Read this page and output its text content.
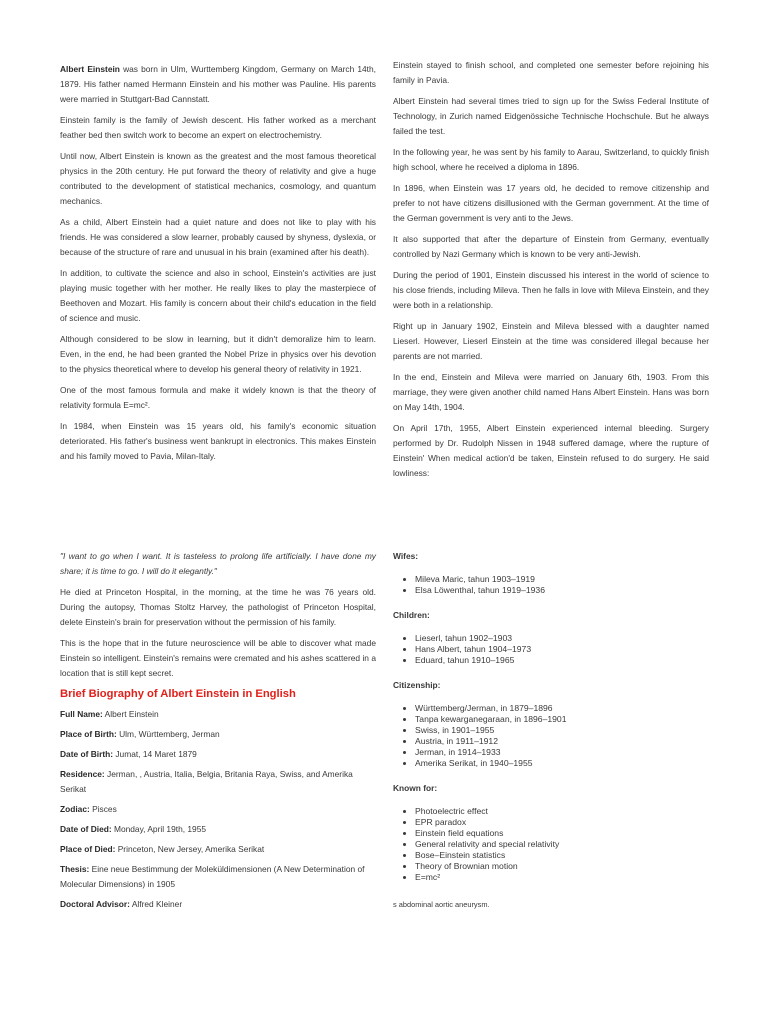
Albert Einstein was born in Ulm, Wurttemberg Kingdom, Germany on March 14th, 1879. His father named Hermann Einstein and his mother was Pauline. His parents were married in Stuttgart-Bad Cannstatt.

Einstein family is the family of Jewish descent. His father worked as a merchant feather bed then switch work to become an expert on electrochemistry.

Until now, Albert Einstein is known as the greatest and the most famous theoretical physics in the 20th century. He put forward the theory of relativity and give a huge contributed to the development of statistical mechanics, cosmology, and quantum mechanics.

As a child, Albert Einstein had a quiet nature and does not like to play with his friends. He was considered a slow learner, probably caused by shyness, dyslexia, or because of the structure of rare and unusual in his brain (examined after his death).

In addition, to cultivate the science and also in school, Einstein's activities are just playing music together with her mother. He really likes to play the masterpiece of Beethoven and Mozart. His family is concern about their child's education in the field of science and music.

Although considered to be slow in learning, but it didn't demoralize him to learn. Even, in the end, he had been granted the Nobel Prize in physics over his devotion to the physics theoretical where to develop his general theory of relativity in 1921.

One of the most famous formula and make it widely known is that the theory of relativity formula E=mc².

In 1984, when Einstein was 15 years old, his family's economic situation deteriorated. His father's business went bankrupt in electronics. This makes Einstein and his family moved to Pavia, Milan-Italy.

Einstein stayed to finish school, and completed one semester before rejoining his family in Pavia.

Albert Einstein had several times tried to sign up for the Swiss Federal Institute of Technology, in Zurich named Eidgenössiche Technische Hochschule. But he always failed the test.

In the following year, he was sent by his family to Aarau, Switzerland, to quickly finish high school, where he received a diploma in 1896.

In 1896, when Einstein was 17 years old, he decided to remove citizenship and prefer to not have citizens disillusioned with the German government. At the time of the German government is very anti to the Jews.

It also supported that after the departure of Einstein from Germany, eventually controlled by Nazi Germany which is known to be very anti-Jewish.

During the period of 1901, Einstein discussed his interest in the world of science to his close friends, including Mileva. Then he falls in love with Mileva Einstein, and they were both in a relationship.

Right up in January 1902, Einstein and Mileva blessed with a daughter named Lieserl. However, Lieserl Einstein at the time was considered illegal because her parents are not married.

In the end, Einstein and Mileva were married on January 6th, 1903. From this marriage, they were given another child named Hans Albert Einstein. Hans was born on May 14th, 1904.

On April 17th, 1955, Albert Einstein experienced internal bleeding. Surgery performed by Dr. Rudolph Nissen in 1948 suffered damage, where the rupture of Einstein' When medical action'd be taken, Einstein refused to do surgery. He said lowliness:

"I want to go when I want. It is tasteless to prolong life artificially. I have done my share; it is time to go. I will do it elegantly."

He died at Princeton Hospital, in the morning, at the time he was 76 years old. During the autopsy, Thomas Stoltz Harvey, the pathologist of Princeton Hospital, delete Einstein's brain for preservation without the permission of his family.

This is the hope that in the future neuroscience will be able to discover what made Einstein so intelligent. Einstein's remains were cremated and his ashes scattered in a location that is still kept secret.

Brief Biography of Albert Einstein in English

Full Name: Albert Einstein

Place of Birth: Ulm, Württemberg, Jerman

Date of Birth: Jumat, 14 Maret 1879

Residence: Jerman, , Austria, Italia, Belgia, Britania Raya, Swiss, and Amerika Serikat

Zodiac: Pisces

Date of Died: Monday, April 19th, 1955

Place of Died: Princeton, New Jersey, Amerika Serikat

Thesis: Eine neue Bestimmung der Moleküldimensionen (A New Determination of Molecular Dimensions) in 1905

Doctoral Advisor: Alfred Kleiner

Wifes:
• Mileva Maric, tahun 1903–1919
• Elsa Löwenthal, tahun 1919–1936
Children:
• Lieserl, tahun 1902–1903
• Hans Albert, tahun 1904–1973
• Eduard, tahun 1910–1965
Citizenship:
• Württemberg/Jerman, in 1879–1896
• Tanpa kewarganegaraan, in 1896–1901
• Swiss, in 1901–1955
• Austria, in 1911–1912
• Jerman, in 1914–1933
• Amerika Serikat, in 1940–1955
Known for:
• Photoelectric effect
• EPR paradox
• Einstein field equations
• General relativity and special relativity
• Bose–Einstein statistics
• Theory of Brownian motion
• E=mc²
s abdominal aortic aneurysm.
